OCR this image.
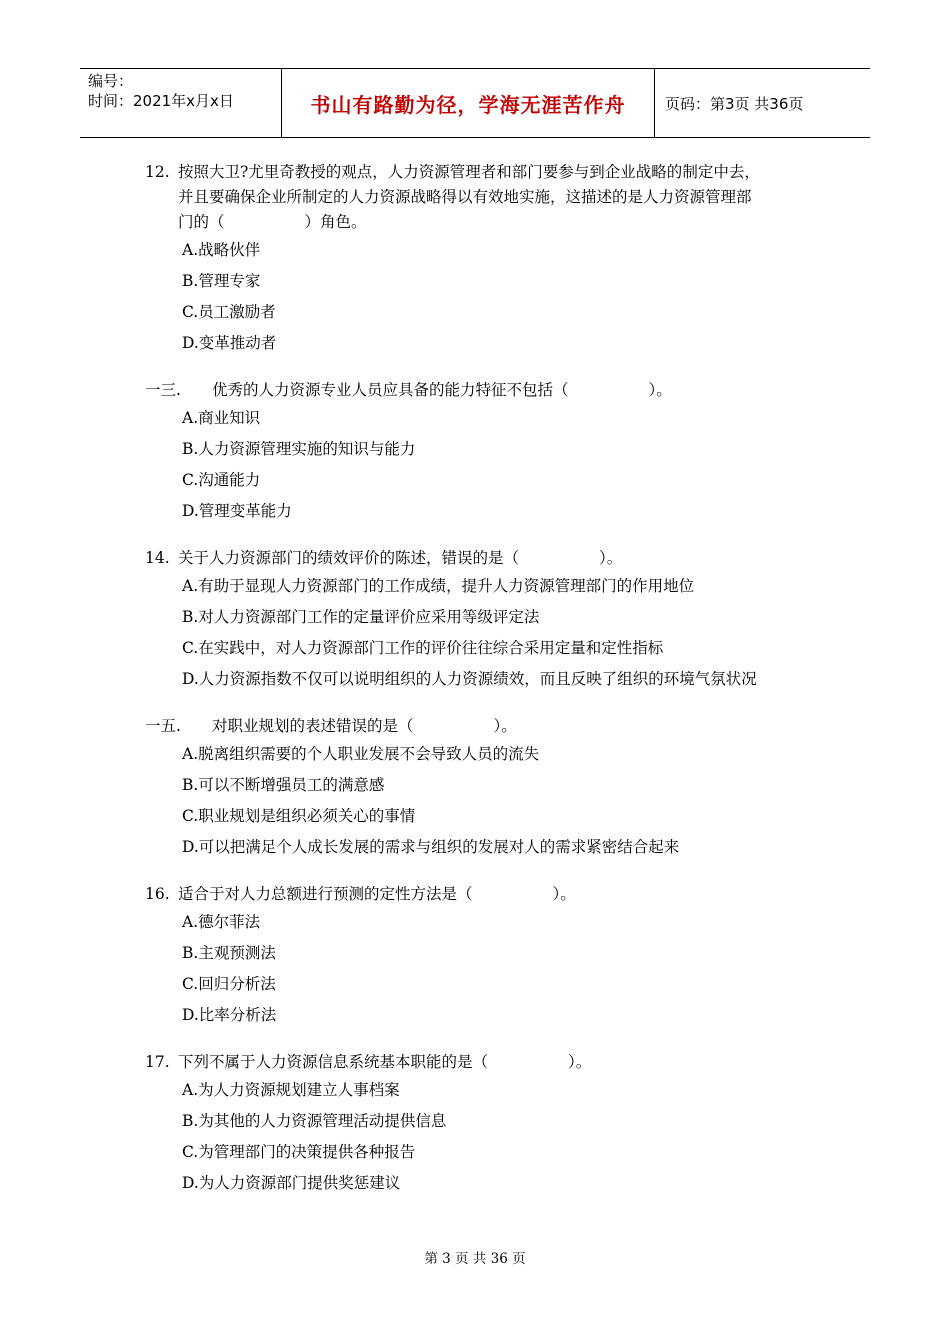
编号：
时间：2021年x月x日	书山有路勤为径，学海无涯苦作舟	页码：第3页 共36页
12. 按照大卫?尤里奇教授的观点，人力资源管理者和部门要参与到企业战略的制定中去，
并且要确保企业所制定的人力资源战略得以有效地实施，这描述的是人力资源管理部
门的（	）角色。
A.战略伙伴
B.管理专家
C.员工激励者
D.变革推动者
一三.	优秀的人力资源专业人员应具备的能力特征不包括（	）。
A.商业知识
B.人力资源管理实施的知识与能力
C.沟通能力
D.管理变革能力
14. 关于人力资源部门的绩效评价的陈述，错误的是（	）。
A.有助于显现人力资源部门的工作成绩，提升人力资源管理部门的作用地位
B.对人力资源部门工作的定量评价应采用等级评定法
C.在实践中，对人力资源部门工作的评价往往综合采用定量和定性指标
D.人力资源指数不仅可以说明组织的人力资源绩效，而且反映了组织的环境气氛状况
一五.	对职业规划的表述错误的是（	）。
A.脱离组织需要的个人职业发展不会导致人员的流失
B.可以不断增强员工的满意感
C.职业规划是组织必须关心的事情
D.可以把满足个人成长发展的需求与组织的发展对人的需求紧密结合起来
16. 适合于对人力总额进行预测的定性方法是（	）。
A.德尔菲法
B.主观预测法
C.回归分析法
D.比率分析法
17. 下列不属于人力资源信息系统基本职能的是（	）。
A.为人力资源规划建立人事档案
B.为其他的人力资源管理活动提供信息
C.为管理部门的决策提供各种报告
D.为人力资源部门提供奖惩建议
第 3 页 共 36 页
